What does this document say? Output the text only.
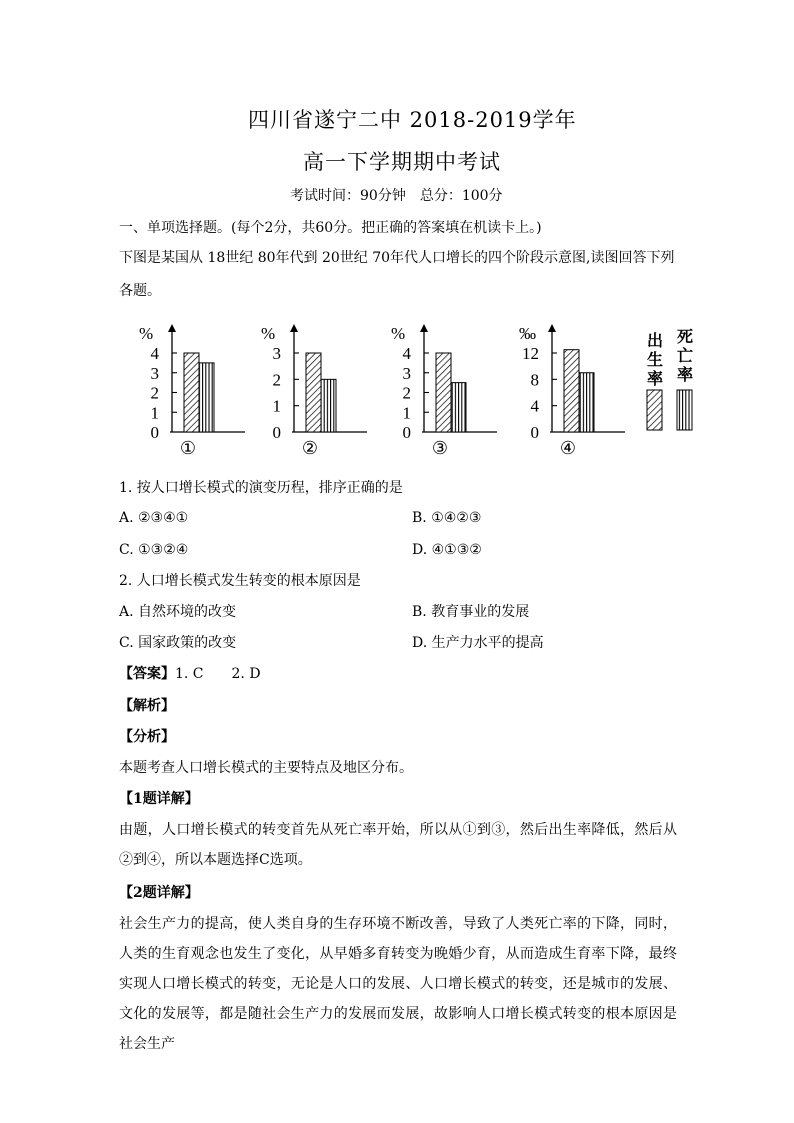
四川省遂宁二中 2018-2019学年
高一下学期期中考试
考试时间：90分钟　总分：100分
一、单项选择题。(每个2分，共60分。把正确的答案填在机读卡上。)
下图是某国从 18世纪 80年代到 20世纪 70年代人口增长的四个阶段示意图,读图回答下列
各题。
%
4
3
2
1
0
①
%
3
2
1
0
②
%
4
3
2
1
0
③
‰
12
8
4
0
④
出
生
率
死
亡
率
1. 按人口增长模式的演变历程，排序正确的是
A. ②③④①	B. ①④②③
C. ①③②④	D. ④①③②
2. 人口增长模式发生转变的根本原因是
A. 自然环境的改变	B. 教育事业的发展
C. 国家政策的改变	D. 生产力水平的提高
【答案】1. C　　2. D
【解析】
【分析】
本题考查人口增长模式的主要特点及地区分布。
【1题详解】
由题，人口增长模式的转变首先从死亡率开始，所以从①到③，然后出生率降低，然后从②到④，所以本题选择C选项。
【2题详解】
社会生产力的提高，使人类自身的生存环境不断改善，导致了人类死亡率的下降，同时，人类的生育观念也发生了变化，从早婚多育转变为晚婚少育，从而造成生育率下降，最终实现人口增长模式的转变，无论是人口的发展、人口增长模式的转变，还是城市的发展、文化的发展等，都是随社会生产力的发展而发展，故影响人口增长模式转变的根本原因是社会生产
